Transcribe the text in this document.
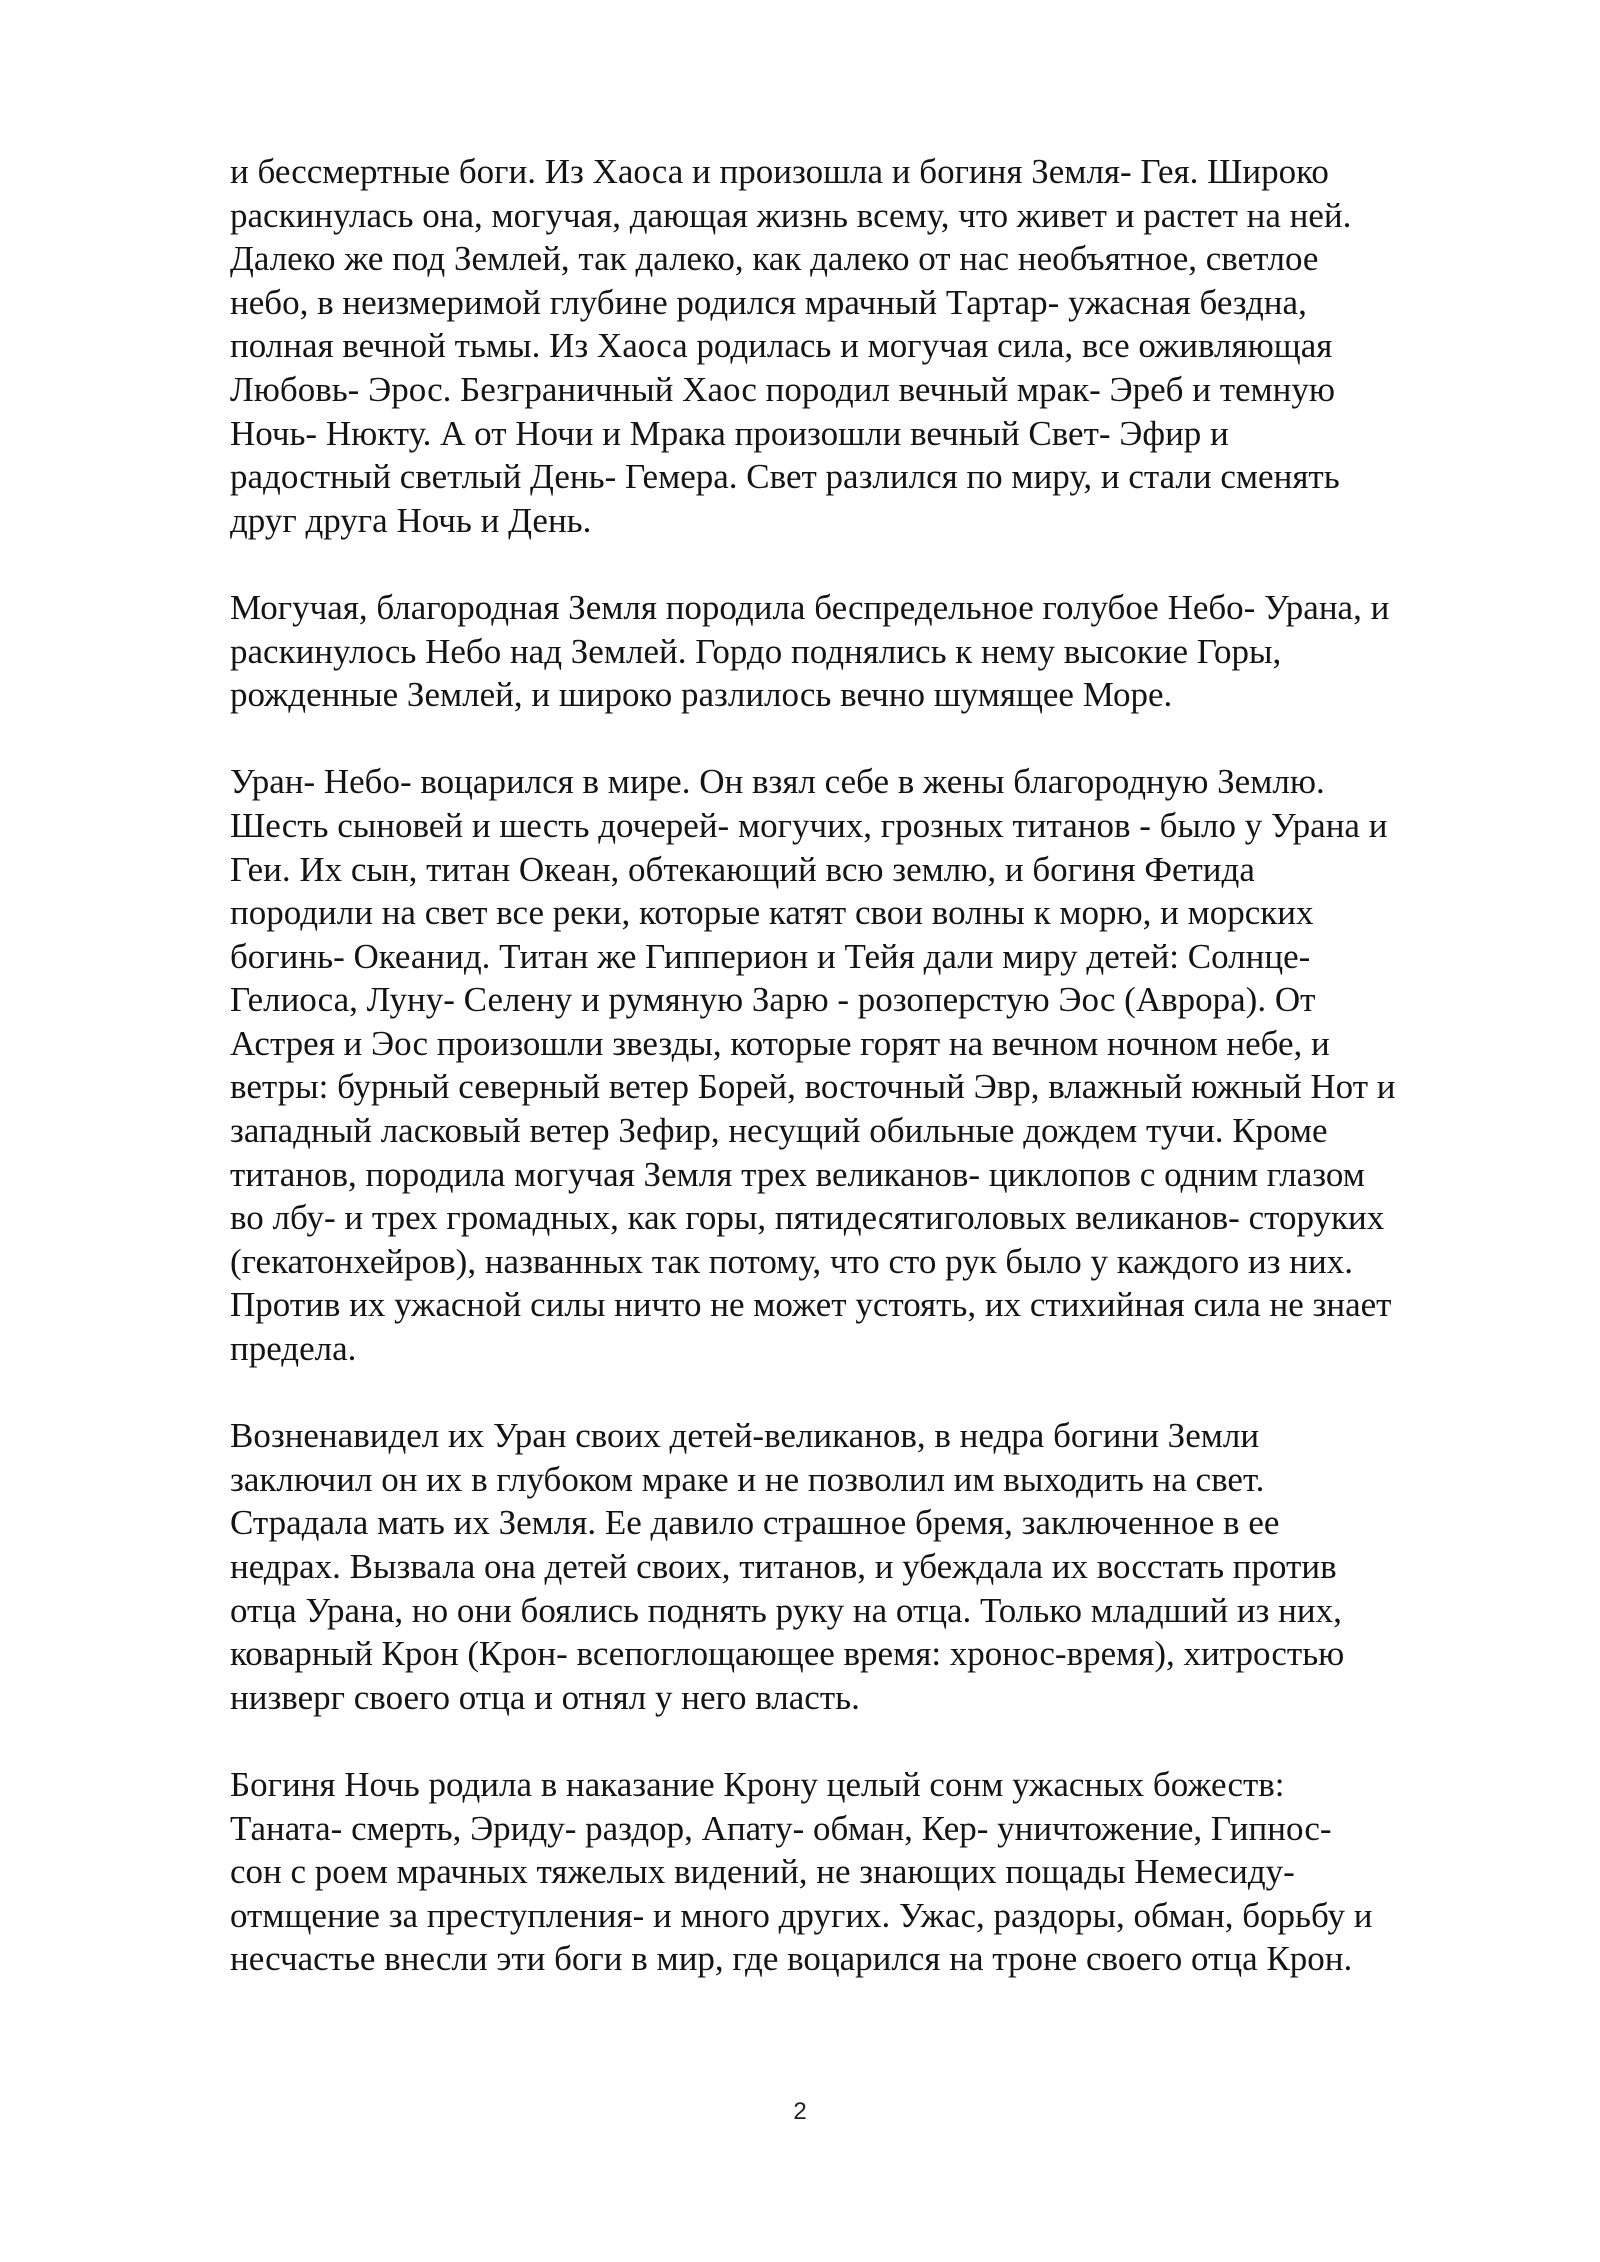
и бессмертные боги. Из Хаоса и произошла и богиня Земля- Гея. Широко
раскинулась она, могучая, дающая жизнь всему, что живет и растет на ней.
Далеко же под Землей, так далеко, как далеко от нас необъятное, светлое
небо, в неизмеримой глубине родился мрачный Тартар- ужасная бездна,
полная вечной тьмы. Из Хаоса родилась и могучая сила, все оживляющая
Любовь- Эрос. Безграничный Хаос породил вечный мрак- Эреб и темную
Ночь- Нюкту. А от Ночи и Мрака произошли вечный Свет- Эфир и
радостный светлый День- Гемера. Свет разлился по миру, и стали сменять
друг друга Ночь и День.
Могучая, благородная Земля породила беспредельное голубое Небо- Урана, и
раскинулось Небо над Землей. Гордо поднялись к нему высокие Горы,
рожденные Землей, и широко разлилось вечно шумящее Море.
Уран- Небо- воцарился в мире. Он взял себе в жены благородную Землю.
Шесть сыновей и шесть дочерей- могучих, грозных титанов - было у Урана и
Геи. Их сын, титан Океан, обтекающий всю землю, и богиня Фетида
породили на свет все реки, которые катят свои волны к морю, и морских
богинь- Океанид. Титан же Гипперион и Тейя дали миру детей: Солнце-
Гелиоса, Луну- Селену и румяную Зарю - розоперстую Эос (Аврора). От
Астрея и Эос произошли звезды, которые горят на вечном ночном небе, и
ветры: бурный северный ветер Борей, восточный Эвр, влажный южный Нот и
западный ласковый ветер Зефир, несущий обильные дождем тучи. Кроме
титанов, породила могучая Земля трех великанов- циклопов с одним глазом
во лбу- и трех громадных, как горы, пятидесятиголовых великанов- сторуких
(гекатонхейров), названных так потому, что сто рук было у каждого из них.
Против их ужасной силы ничто не может устоять, их стихийная сила не знает
предела.
Возненавидел их Уран своих детей-великанов, в недра богини Земли
заключил он их в глубоком мраке и не позволил им выходить на свет.
Страдала мать их Земля. Ее давило страшное бремя, заключенное в ее
недрах. Вызвала она детей своих, титанов, и убеждала их восстать против
отца Урана, но они боялись поднять руку на отца. Только младший из них,
коварный Крон (Крон- всепоглощающее время: хронос-время), хитростью
низверг своего отца и отнял у него власть.
Богиня Ночь родила в наказание Крону целый сонм ужасных божеств:
Таната- смерть, Эриду- раздор, Апату- обман, Кер- уничтожение, Гипнос-
сон с роем мрачных тяжелых видений, не знающих пощады Немесиду-
отмщение за преступления- и много других. Ужас, раздоры, обман, борьбу и
несчастье внесли эти боги в мир, где воцарился на троне своего отца Крон.
2
